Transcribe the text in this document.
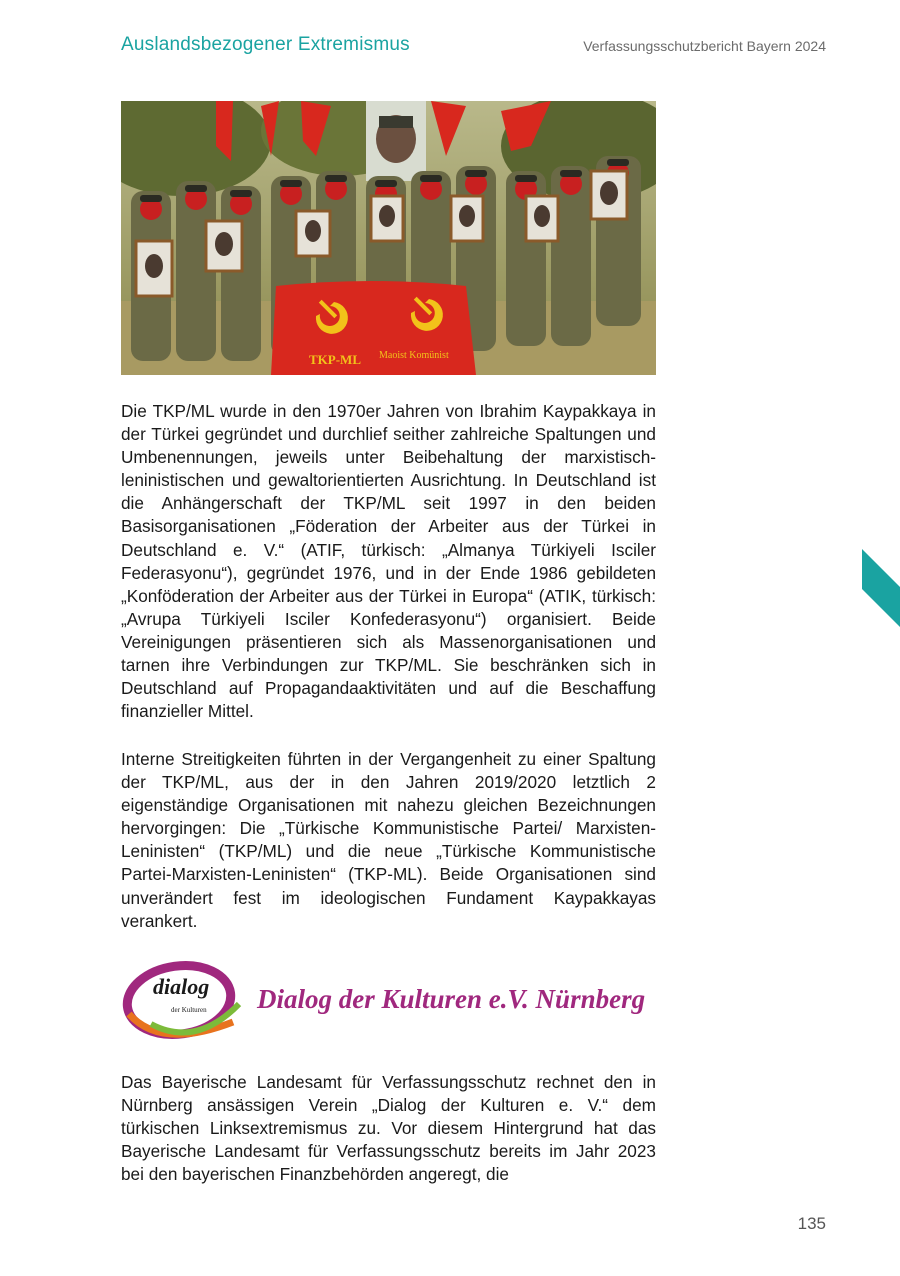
Auslandsbezogener Extremismus	Verfassungsschutzbericht Bayern 2024
TKP-ML Maoist Komünist

Die TKP/ML wurde in den 1970er Jahren von Ibrahim Kaypakkaya in der Türkei gegründet und durchlief seither zahlreiche Spaltungen und Umbenennungen, jeweils unter Beibehaltung der marxistisch-leninistischen und gewaltorientierten Ausrichtung. In Deutschland ist die Anhängerschaft der TKP/ML seit 1997 in den beiden Basisorganisationen „Föderation der Arbeiter aus der Türkei in Deutschland e. V.“ (ATIF, türkisch: „Almanya Türkiyeli Isciler Federasyonu“), gegründet 1976, und in der Ende 1986 gebildeten „Konföderation der Arbeiter aus der Türkei in Europa“ (ATIK, türkisch: „Avrupa Türkiyeli Isciler Konfederasyonu“) organisiert. Beide Vereinigungen präsentieren sich als Massenorganisationen und tarnen ihre Verbindungen zur TKP/ML. Sie beschränken sich in Deutschland auf Propagandaaktivitäten und auf die Beschaffung finanzieller Mittel.

Interne Streitigkeiten führten in der Vergangenheit zu einer Spaltung der TKP/ML, aus der in den Jahren 2019/2020 letztlich 2 eigenständige Organisationen mit nahezu gleichen Bezeichnungen hervorgingen: Die „Türkische Kommunistische Partei/ Marxisten-Leninisten“ (TKP/ML) und die neue „Türkische Kommunistische Partei-Marxisten-Leninisten“ (TKP-ML). Beide Organisationen sind unverändert fest im ideologischen Fundament Kaypakkayas verankert.

dialog
der Kulturen Dialog der Kulturen e.V. Nürnberg

Das Bayerische Landesamt für Verfassungsschutz rechnet den in Nürnberg ansässigen Verein „Dialog der Kulturen e. V.“ dem türkischen Linksextremismus zu. Vor diesem Hintergrund hat das Bayerische Landesamt für Verfassungsschutz bereits im Jahr 2023 bei den bayerischen Finanzbehörden angeregt, die

135
